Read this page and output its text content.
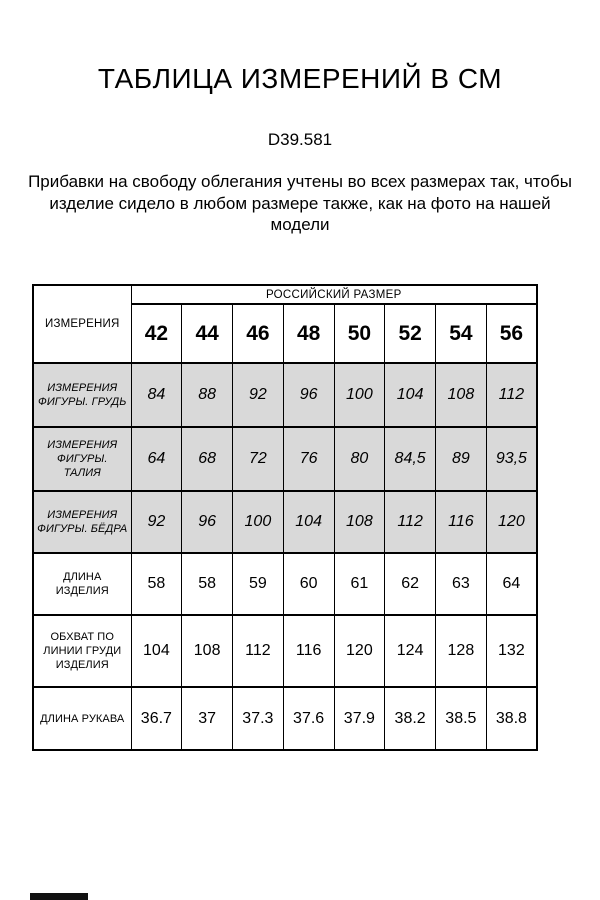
ТАБЛИЦА ИЗМЕРЕНИЙ В СМ
D39.581
Прибавки на свободу облегания учтены во всех размерах так, чтобы изделие сидело в любом размере также, как на фото на нашей модели
ИЗМЕРЕНИЯ	РОССИЙСКИЙ РАЗМЕР							
	42	44	46	48	50	52	54	56
ИЗМЕРЕНИЯ ФИГУРЫ. ГРУДЬ	84	88	92	96	100	104	108	112
ИЗМЕРЕНИЯ ФИГУРЫ. ТАЛИЯ	64	68	72	76	80	84,5	89	93,5
ИЗМЕРЕНИЯ ФИГУРЫ. БЁДРА	92	96	100	104	108	112	116	120
ДЛИНА ИЗДЕЛИЯ	58	58	59	60	61	62	63	64
ОБХВАТ ПО ЛИНИИ ГРУДИ ИЗДЕЛИЯ	104	108	112	116	120	124	128	132
ДЛИНА РУКАВА	36.7	37	37.3	37.6	37.9	38.2	38.5	38.8
